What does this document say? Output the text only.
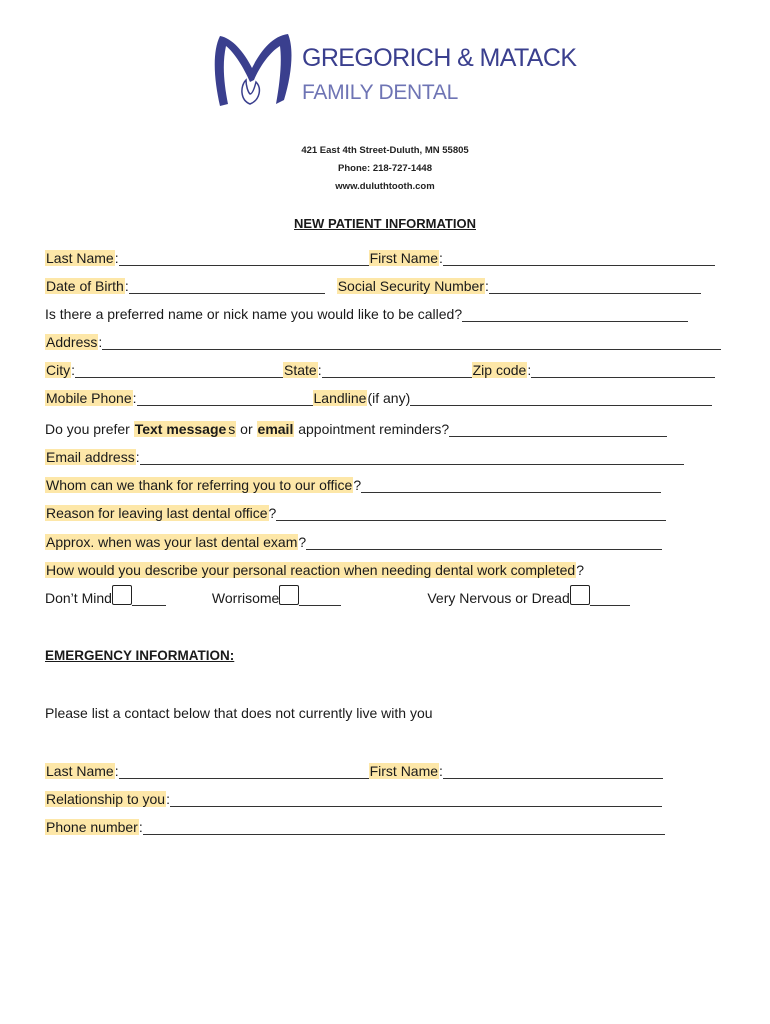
GREGORICH & MATACK
FAMILY DENTAL
421 East 4th Street-Duluth, MN 55805
Phone: 218-727-1448
www.duluthtooth.com
NEW PATIENT INFORMATION
Last Name :	First Name :
Date of Birth :	Social Security Number :
Is there a preferred name or nick name you would like to be called?
Address :
City :	State :	Zip code :
Mobile Phone :	Landline (if any)
Do you prefer Text message s or email appointment reminders?
Email address :
Whom can we thank for referring you to our office ?
Reason for leaving last dental office ?
Approx. when was your last dental exam ?
How would you describe your personal reaction when needing dental work completed ?
Don’t Mind	Worrisome	Very Nervous or Dread
EMERGENCY INFORMATION:
Please list a contact below that does not currently live with you
Last Name :	First Name :
Relationship to you :
Phone number :
